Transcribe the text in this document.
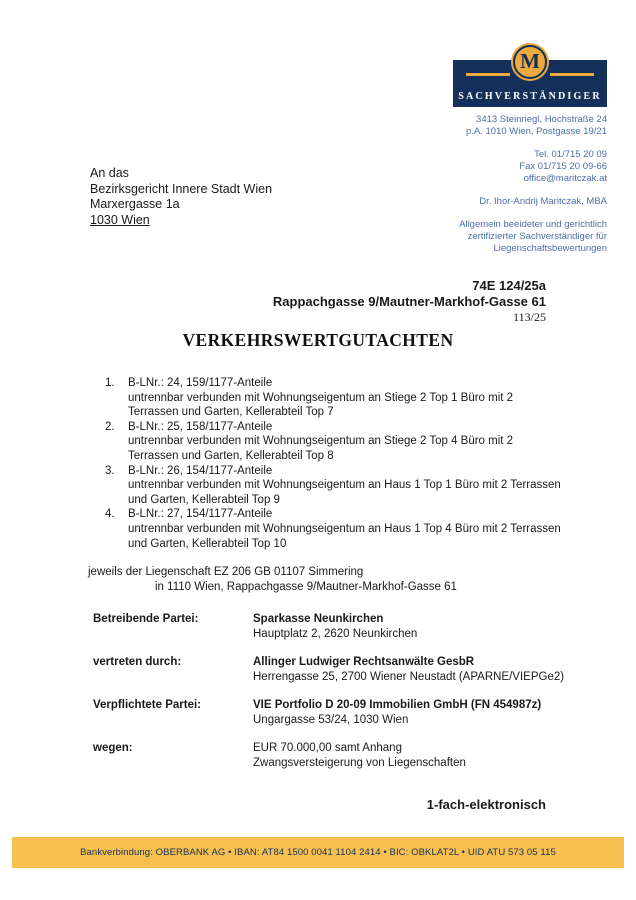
M
SACHVERSTÄNDIGER
3413 Steinriegl, Hochstraße 24
p.A. 1010 Wien, Postgasse 19/21
Tel. 01/715 20 09
Fax 01/715 20 09-66
office@maritczak.at
Dr. Ihor-Andrij Maritczak, MBA
Allgemein beeideter und gerichtlich
zertifizierter Sachverständiger für
Liegenschaftsbewertungen
An das
Bezirksgericht Innere Stadt Wien
Marxergasse 1a
1030 Wien
74E 124/25a
Rappachgasse 9/Mautner-Markhof-Gasse 61
113/25
VERKEHRSWERTGUTACHTEN
1.	B-LNr.: 24, 159/1177-Anteile
untrennbar verbunden mit Wohnungseigentum an Stiege 2 Top 1 Büro mit 2 Terrassen und Garten, Kellerabteil Top 7
2.	B-LNr.: 25, 158/1177-Anteile
untrennbar verbunden mit Wohnungseigentum an Stiege 2 Top 4 Büro mit 2 Terrassen und Garten, Kellerabteil Top 8
3.	B-LNr.: 26, 154/1177-Anteile
untrennbar verbunden mit Wohnungseigentum an Haus 1 Top 1 Büro mit 2 Terrassen und Garten, Kellerabteil Top 9
4.	B-LNr.: 27, 154/1177-Anteile
untrennbar verbunden mit Wohnungseigentum an Haus 1 Top 4 Büro mit 2 Terrassen und Garten, Kellerabteil Top 10
jeweils der Liegenschaft EZ 206 GB 01107 Simmering
in 1110 Wien, Rappachgasse 9/Mautner-Markhof-Gasse 61
Betreibende Partei:	Sparkasse Neunkirchen
Hauptplatz 2, 2620 Neunkirchen
vertreten durch:	Allinger Ludwiger Rechtsanwälte GesbR
Herrengasse 25, 2700 Wiener Neustadt (APARNE/VIEPGe2)
Verpflichtete Partei:	VIE Portfolio D 20-09 Immobilien GmbH (FN 454987z)
Ungargasse 53/24, 1030 Wien
wegen:	EUR 70.000,00 samt Anhang
Zwangsversteigerung von Liegenschaften
1-fach-elektronisch
Bankverbindung: OBERBANK AG • IBAN: AT84 1500 0041 1104 2414 • BIC: OBKLAT2L • UID ATU 573 05 115
